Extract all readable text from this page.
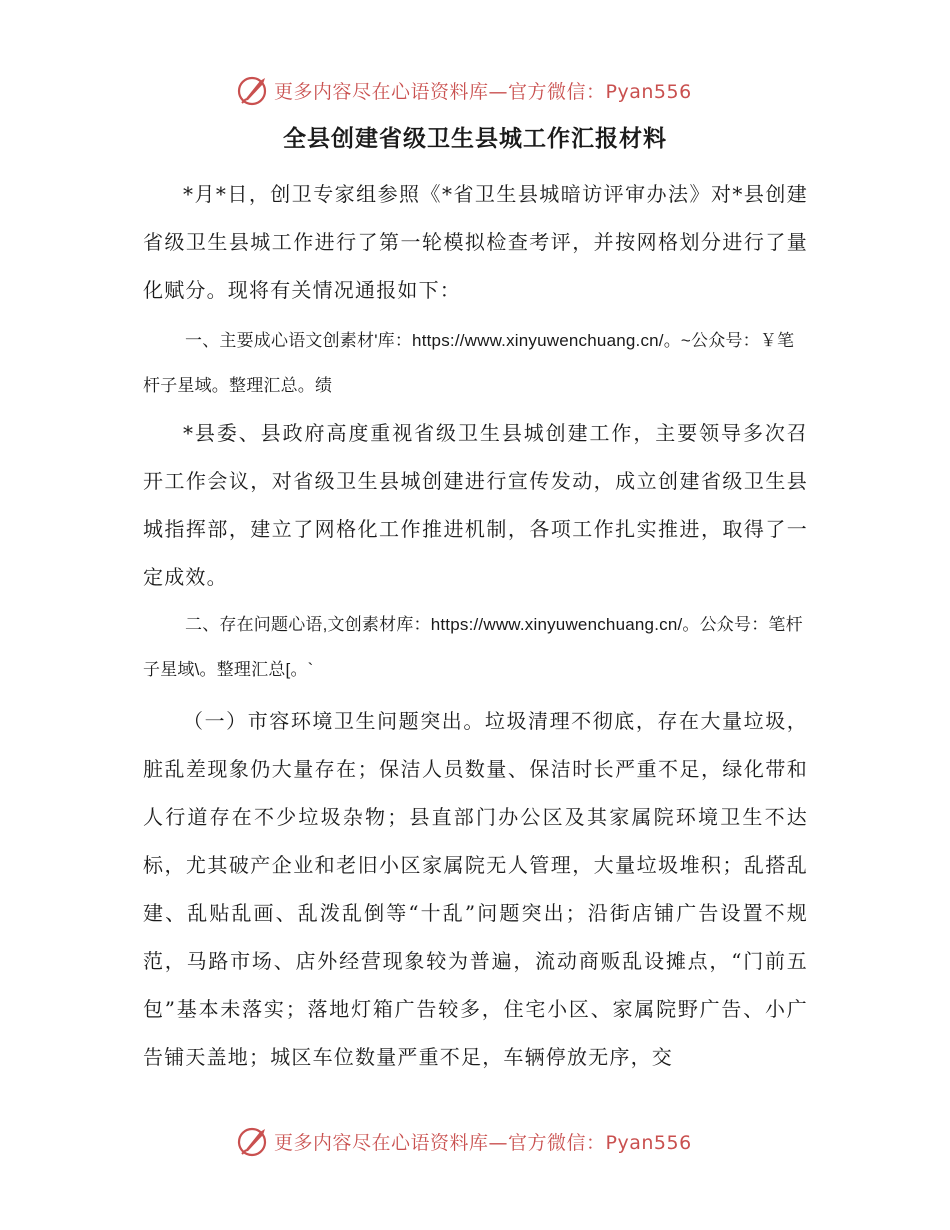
更多内容尽在心语资料库—官方微信：Pyan556
全县创建省级卫生县城工作汇报材料

*月*日，创卫专家组参照《*省卫生县城暗访评审办法》对*县创建省级卫生县城工作进行了第一轮模拟检查考评，并按网格划分进行了量化赋分。现将有关情况通报如下：

一、主要成心语文创素材'库：https://www.xinyuwenchuang.cn/。~公众号：￥笔杆子星域。整理汇总。绩

*县委、县政府高度重视省级卫生县城创建工作，主要领导多次召开工作会议，对省级卫生县城创建进行宣传发动，成立创建省级卫生县城指挥部，建立了网格化工作推进机制，各项工作扎实推进，取得了一定成效。

二、存在问题心语,文创素材库：https://www.xinyuwenchuang.cn/。公众号：笔杆子星域\。整理汇总[。`

（一）市容环境卫生问题突出。垃圾清理不彻底，存在大量垃圾，脏乱差现象仍大量存在；保洁人员数量、保洁时长严重不足，绿化带和人行道存在不少垃圾杂物；县直部门办公区及其家属院环境卫生不达标，尤其破产企业和老旧小区家属院无人管理，大量垃圾堆积；乱搭乱建、乱贴乱画、乱泼乱倒等“十乱”问题突出；沿街店铺广告设置不规范，马路市场、店外经营现象较为普遍，流动商贩乱设摊点，“门前五包”基本未落实；落地灯箱广告较多，住宅小区、家属院野广告、小广告铺天盖地；城区车位数量严重不足，车辆停放无序，交

更多内容尽在心语资料库—官方微信：Pyan556
